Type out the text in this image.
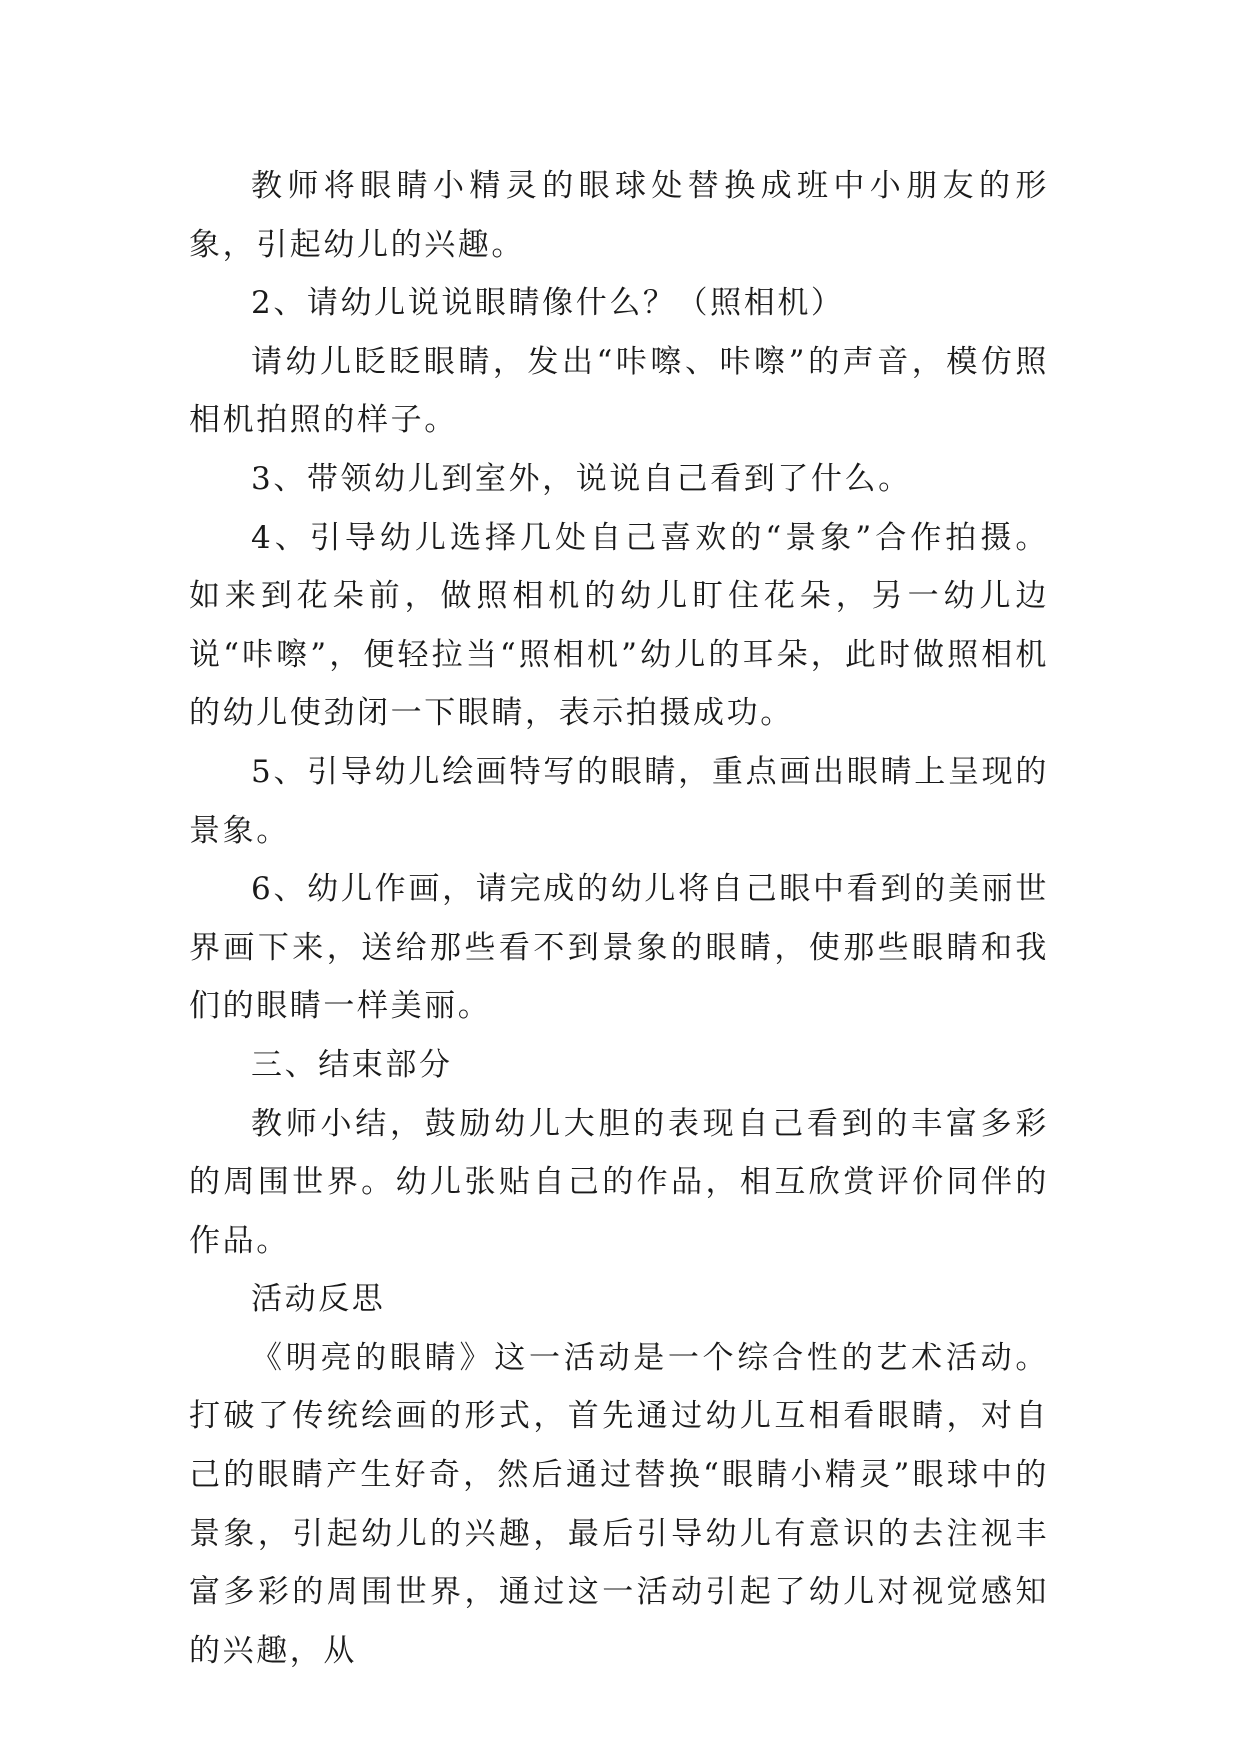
教师将眼睛小精灵的眼球处替换成班中小朋友的形象，引起幼儿的兴趣。

2、请幼儿说说眼睛像什么？（照相机）

请幼儿眨眨眼睛，发出“咔嚓、咔嚓”的声音，模仿照相机拍照的样子。

3、带领幼儿到室外，说说自己看到了什么。

4、引导幼儿选择几处自己喜欢的“景象”合作拍摄。如来到花朵前，做照相机的幼儿盯住花朵，另一幼儿边说“咔嚓”，便轻拉当“照相机”幼儿的耳朵，此时做照相机的幼儿使劲闭一下眼睛，表示拍摄成功。

5、引导幼儿绘画特写的眼睛，重点画出眼睛上呈现的景象。

6、幼儿作画，请完成的幼儿将自己眼中看到的美丽世界画下来，送给那些看不到景象的眼睛，使那些眼睛和我们的眼睛一样美丽。

三、结束部分

教师小结，鼓励幼儿大胆的表现自己看到的丰富多彩的周围世界。幼儿张贴自己的作品，相互欣赏评价同伴的作品。

活动反思

《明亮的眼睛》这一活动是一个综合性的艺术活动。打破了传统绘画的形式，首先通过幼儿互相看眼睛，对自己的眼睛产生好奇，然后通过替换“眼睛小精灵”眼球中的景象，引起幼儿的兴趣，最后引导幼儿有意识的去注视丰富多彩的周围世界，通过这一活动引起了幼儿对视觉感知的兴趣，从
